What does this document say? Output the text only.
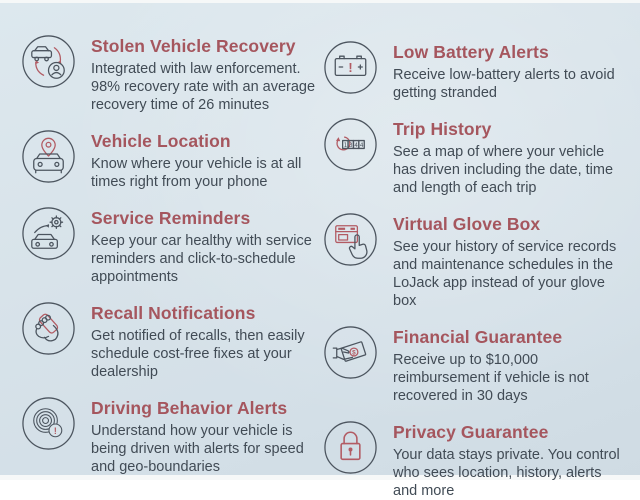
Stolen Vehicle Recovery

Integrated with law enforcement. 98% recovery rate with an average recovery time of 26 minutes

Vehicle Location

Know where your vehicle is at all times right from your phone

Service Reminders

Keep your car healthy with service reminders and click-to-schedule appointments

Recall Notifications

Get notified of recalls, then easily schedule cost-free fixes at your dealership

!
Driving Behavior Alerts

Understand how your vehicle is being driven with alerts for speed and geo-boundaries

!
Low Battery Alerts

Receive low-battery alerts to avoid getting stranded

1 3 4 4
Trip History

See a map of where your vehicle has driven including the date, time and length of each trip

Virtual Glove Box

See your history of service records and maintenance schedules in the LoJack app instead of your glove box

$
Financial Guarantee

Receive up to $10,000 reimbursement if vehicle is not recovered in 30 days

Privacy Guarantee

Your data stays private. You control who sees location, history, alerts and more
